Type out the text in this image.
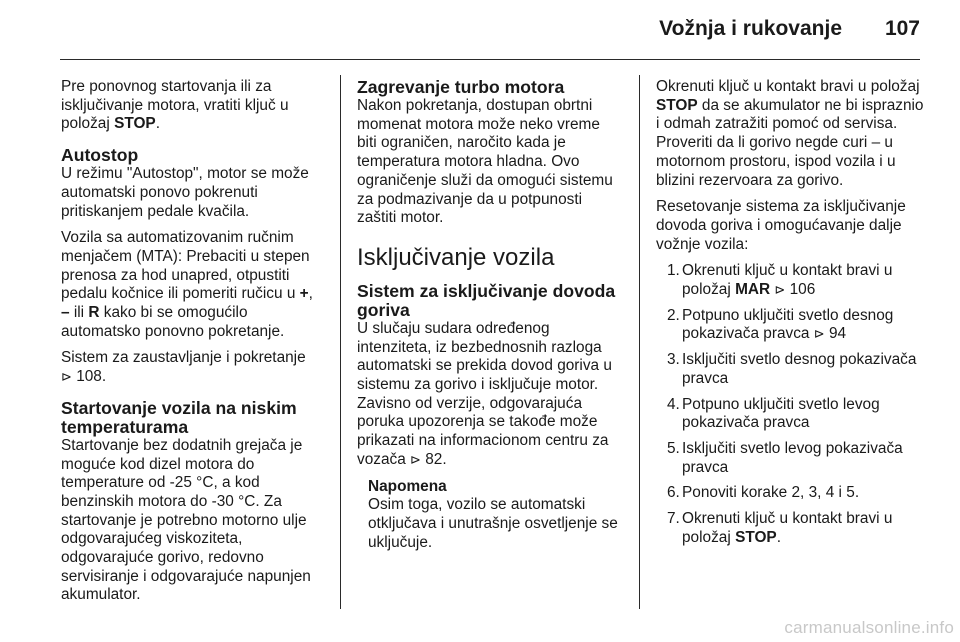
Vožnja i rukovanje 107

Pre ponovnog startovanja ili za isključivanje motora, vratiti ključ u položaj STOP.

Autostop

U režimu "Autostop", motor se može automatski ponovo pokrenuti pritiskanjem pedale kvačila.

Vozila sa automatizovanim ručnim menjačem (MTA): Prebaciti u stepen prenosa za hod unapred, otpustiti pedalu kočnice ili pomeriti ručicu u +, – ili R kako bi se omogućilo automatsko ponovno pokretanje.

Sistem za zaustavljanje i pokretanje
⊳ 108.

Startovanje vozila na niskim temperaturama

Startovanje bez dodatnih grejača je moguće kod dizel motora do temperature od -25 °C, a kod benzinskih motora do -30 °C. Za startovanje je potrebno motorno ulje odgovarajućeg viskoziteta, odgovarajuće gorivo, redovno servisiranje i odgovarajuće napunjen akumulator.

Zagrevanje turbo motora

Nakon pokretanja, dostupan obrtni momenat motora može neko vreme biti ograničen, naročito kada je temperatura motora hladna. Ovo ograničenje služi da omogući sistemu za podmazivanje da u potpunosti zaštiti motor.

Isključivanje vozila
Sistem za isključivanje dovoda goriva

U slučaju sudara određenog intenziteta, iz bezbednosnih razloga automatski se prekida dovod goriva u sistemu za gorivo i isključuje motor. Zavisno od verzije, odgovarajuća poruka upozorenja se takođe može prikazati na informacionom centru za vozača ⊳ 82.

Napomena
Osim toga, vozilo se automatski otključava i unutrašnje osvetljenje se uključuje.

Okrenuti ključ u kontakt bravi u položaj STOP da se akumulator ne bi ispraznio i odmah zatražiti pomoć od servisa. Proveriti da li gorivo negde curi – u motornom prostoru, ispod vozila i u blizini rezervoara za gorivo.

Resetovanje sistema za isključivanje dovoda goriva i omogućavanje dalje vožnje vozila:

1. Okrenuti ključ u kontakt bravi u položaj MAR ⊳ 106
2. Potpuno uključiti svetlo desnog pokazivača pravca ⊳ 94
3. Isključiti svetlo desnog pokazivača pravca
4. Potpuno uključiti svetlo levog pokazivača pravca
5. Isključiti svetlo levog pokazivača pravca
6. Ponoviti korake 2, 3, 4 i 5.
7. Okrenuti ključ u kontakt bravi u položaj STOP.
carmanualsonline.info
